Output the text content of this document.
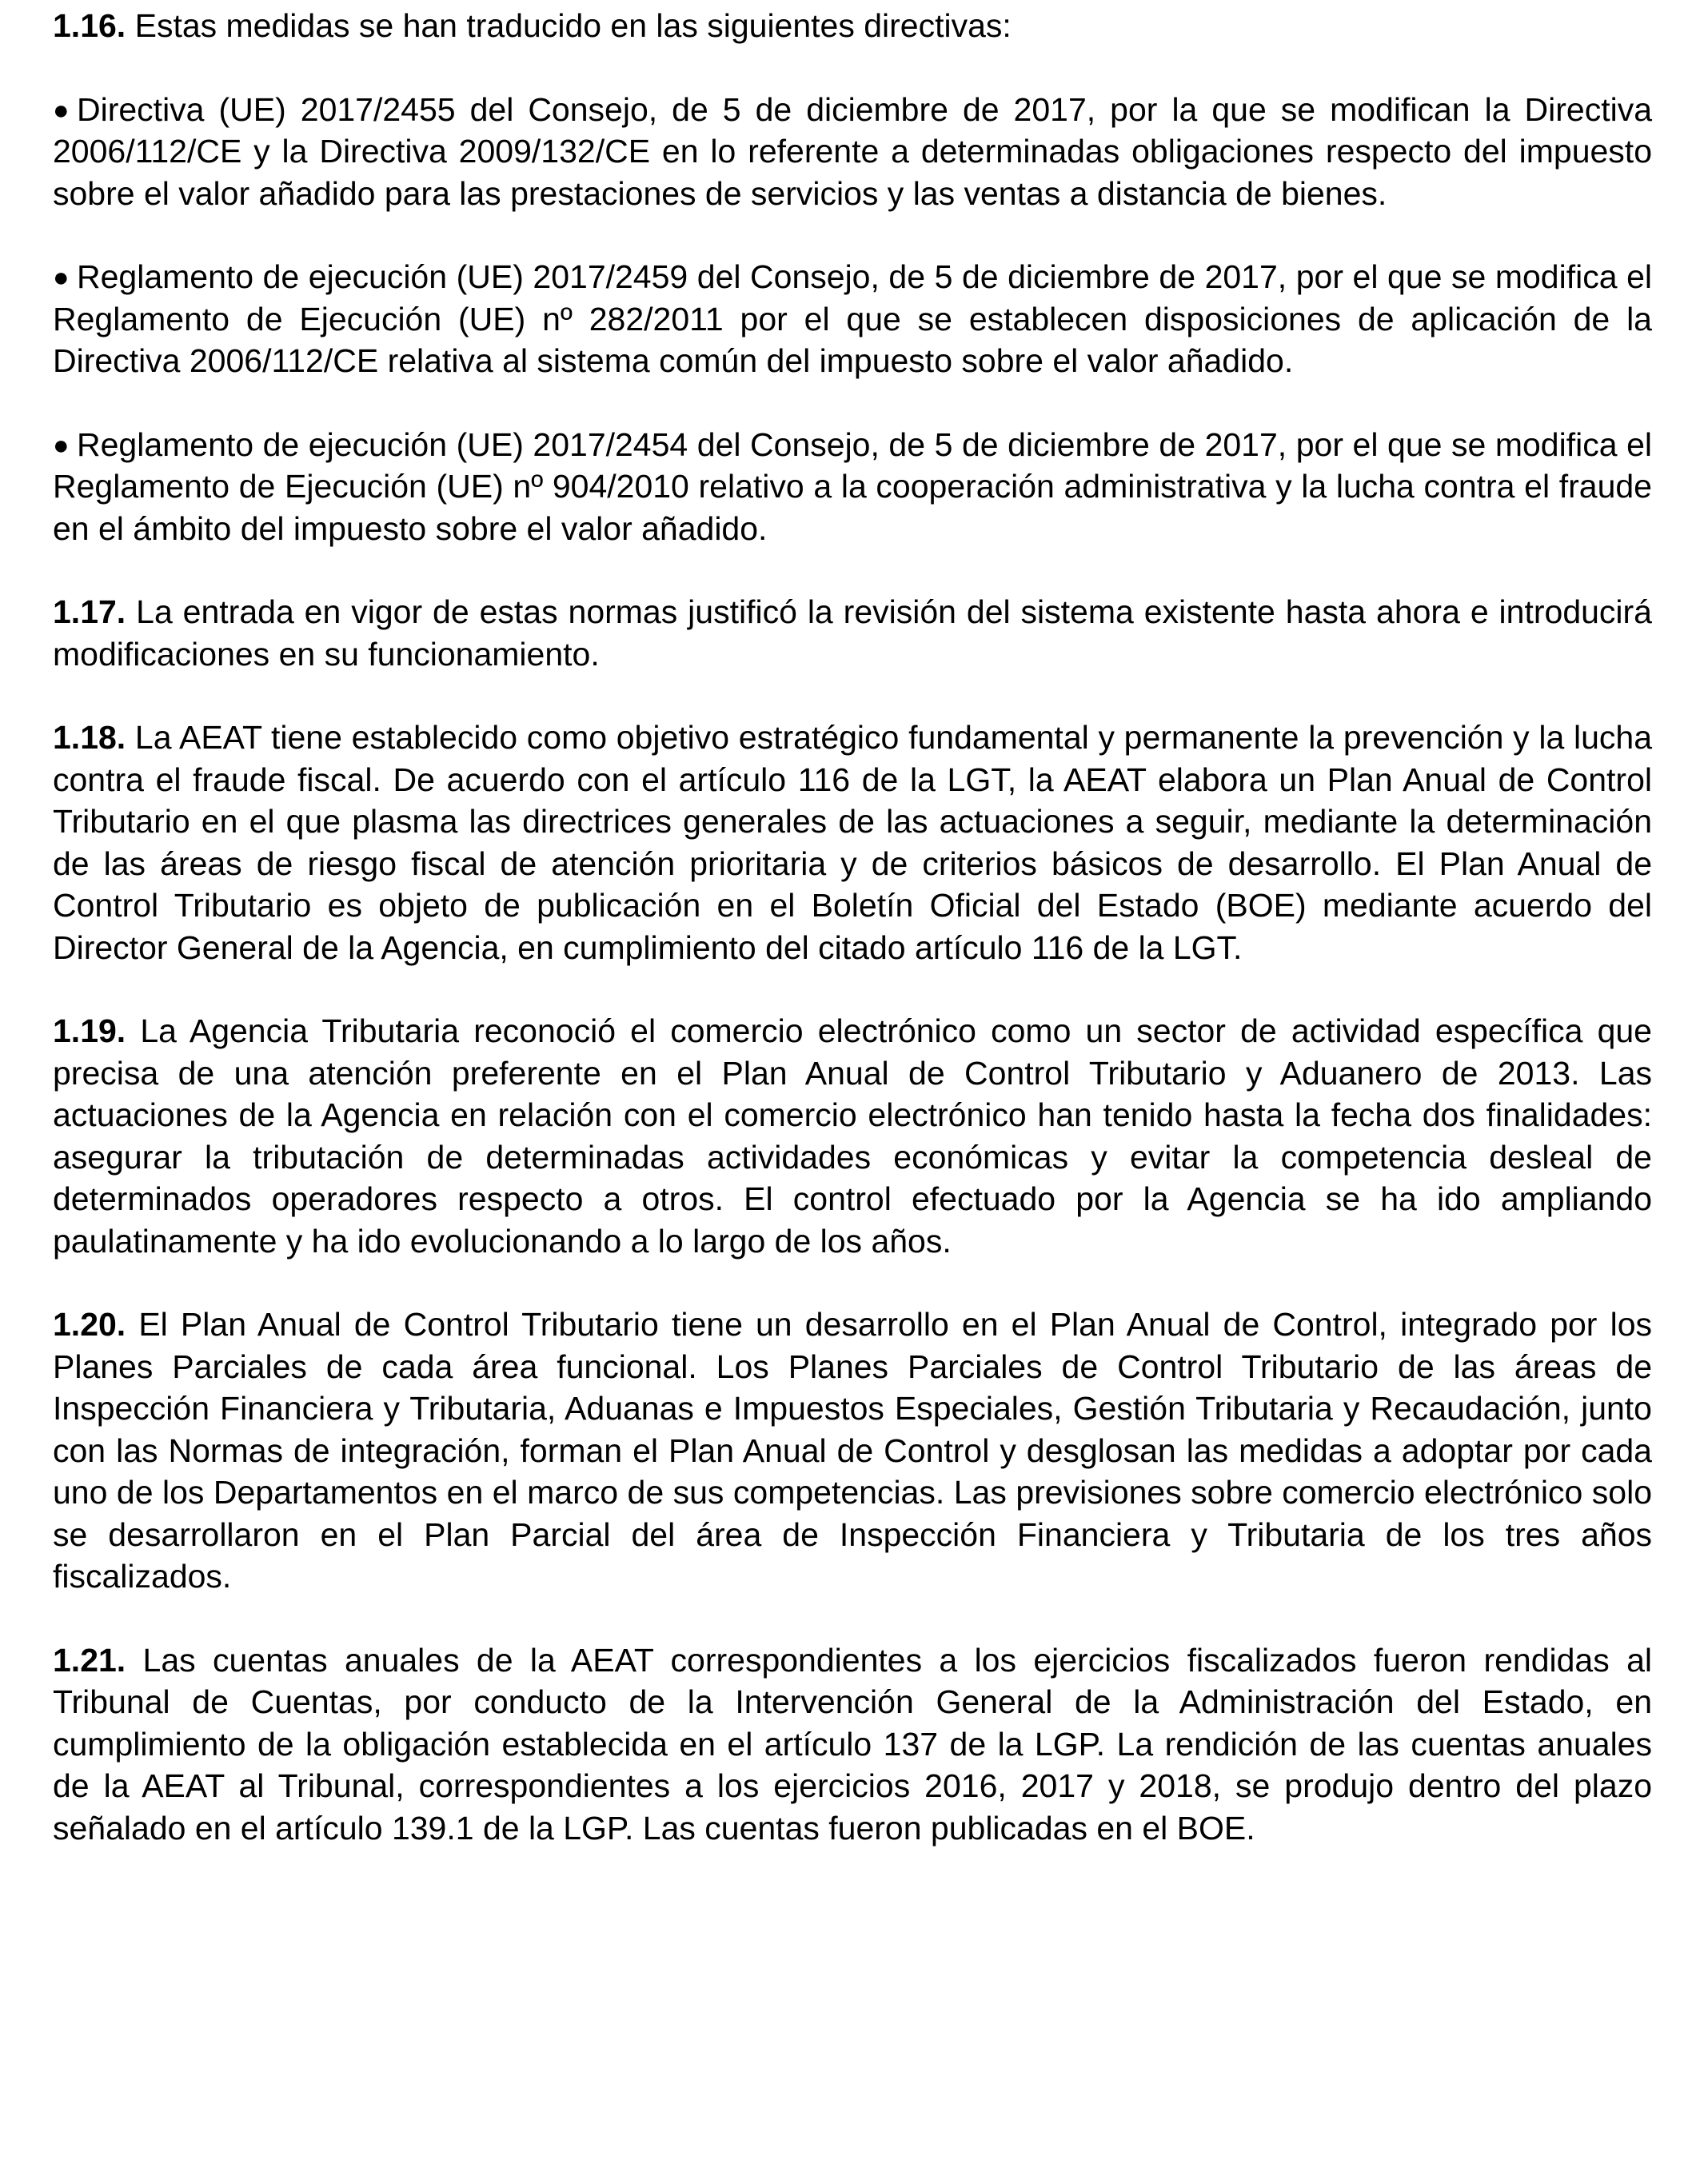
1.16. Estas medidas se han traducido en las siguientes directivas:

● Directiva (UE) 2017/2455 del Consejo, de 5 de diciembre de 2017, por la que se modifican la Directiva 2006/112/CE y la Directiva 2009/132/CE en lo referente a determinadas obligaciones respecto del impuesto sobre el valor añadido para las prestaciones de servicios y las ventas a distancia de bienes.
● Reglamento de ejecución (UE) 2017/2459 del Consejo, de 5 de diciembre de 2017, por el que se modifica el Reglamento de Ejecución (UE) nº 282/2011 por el que se establecen disposiciones de aplicación de la Directiva 2006/112/CE relativa al sistema común del impuesto sobre el valor añadido.
● Reglamento de ejecución (UE) 2017/2454 del Consejo, de 5 de diciembre de 2017, por el que se modifica el Reglamento de Ejecución (UE) nº 904/2010 relativo a la cooperación administrativa y la lucha contra el fraude en el ámbito del impuesto sobre el valor añadido.

1.17. La entrada en vigor de estas normas justificó la revisión del sistema existente hasta ahora e introducirá modificaciones en su funcionamiento.

1.18. La AEAT tiene establecido como objetivo estratégico fundamental y permanente la prevención y la lucha contra el fraude fiscal. De acuerdo con el artículo 116 de la LGT, la AEAT elabora un Plan Anual de Control Tributario en el que plasma las directrices generales de las actuaciones a seguir, mediante la determinación de las áreas de riesgo fiscal de atención prioritaria y de criterios básicos de desarrollo. El Plan Anual de Control Tributario es objeto de publicación en el Boletín Oficial del Estado (BOE) mediante acuerdo del Director General de la Agencia, en cumplimiento del citado artículo 116 de la LGT.

1.19. La Agencia Tributaria reconoció el comercio electrónico como un sector de actividad específica que precisa de una atención preferente en el Plan Anual de Control Tributario y Aduanero de 2013. Las actuaciones de la Agencia en relación con el comercio electrónico han tenido hasta la fecha dos finalidades: asegurar la tributación de determinadas actividades económicas y evitar la competencia desleal de determinados operadores respecto a otros. El control efectuado por la Agencia se ha ido ampliando paulatinamente y ha ido evolucionando a lo largo de los años.

1.20. El Plan Anual de Control Tributario tiene un desarrollo en el Plan Anual de Control, integrado por los Planes Parciales de cada área funcional. Los Planes Parciales de Control Tributario de las áreas de Inspección Financiera y Tributaria, Aduanas e Impuestos Especiales, Gestión Tributaria y Recaudación, junto con las Normas de integración, forman el Plan Anual de Control y desglosan las medidas a adoptar por cada uno de los Departamentos en el marco de sus competencias. Las previsiones sobre comercio electrónico solo se desarrollaron en el Plan Parcial del área de Inspección Financiera y Tributaria de los tres años fiscalizados.

1.21. Las cuentas anuales de la AEAT correspondientes a los ejercicios fiscalizados fueron rendidas al Tribunal de Cuentas, por conducto de la Intervención General de la Administración del Estado, en cumplimiento de la obligación establecida en el artículo 137 de la LGP. La rendición de las cuentas anuales de la AEAT al Tribunal, correspondientes a los ejercicios 2016, 2017 y 2018, se produjo dentro del plazo señalado en el artículo 139.1 de la LGP. Las cuentas fueron publicadas en el BOE.
